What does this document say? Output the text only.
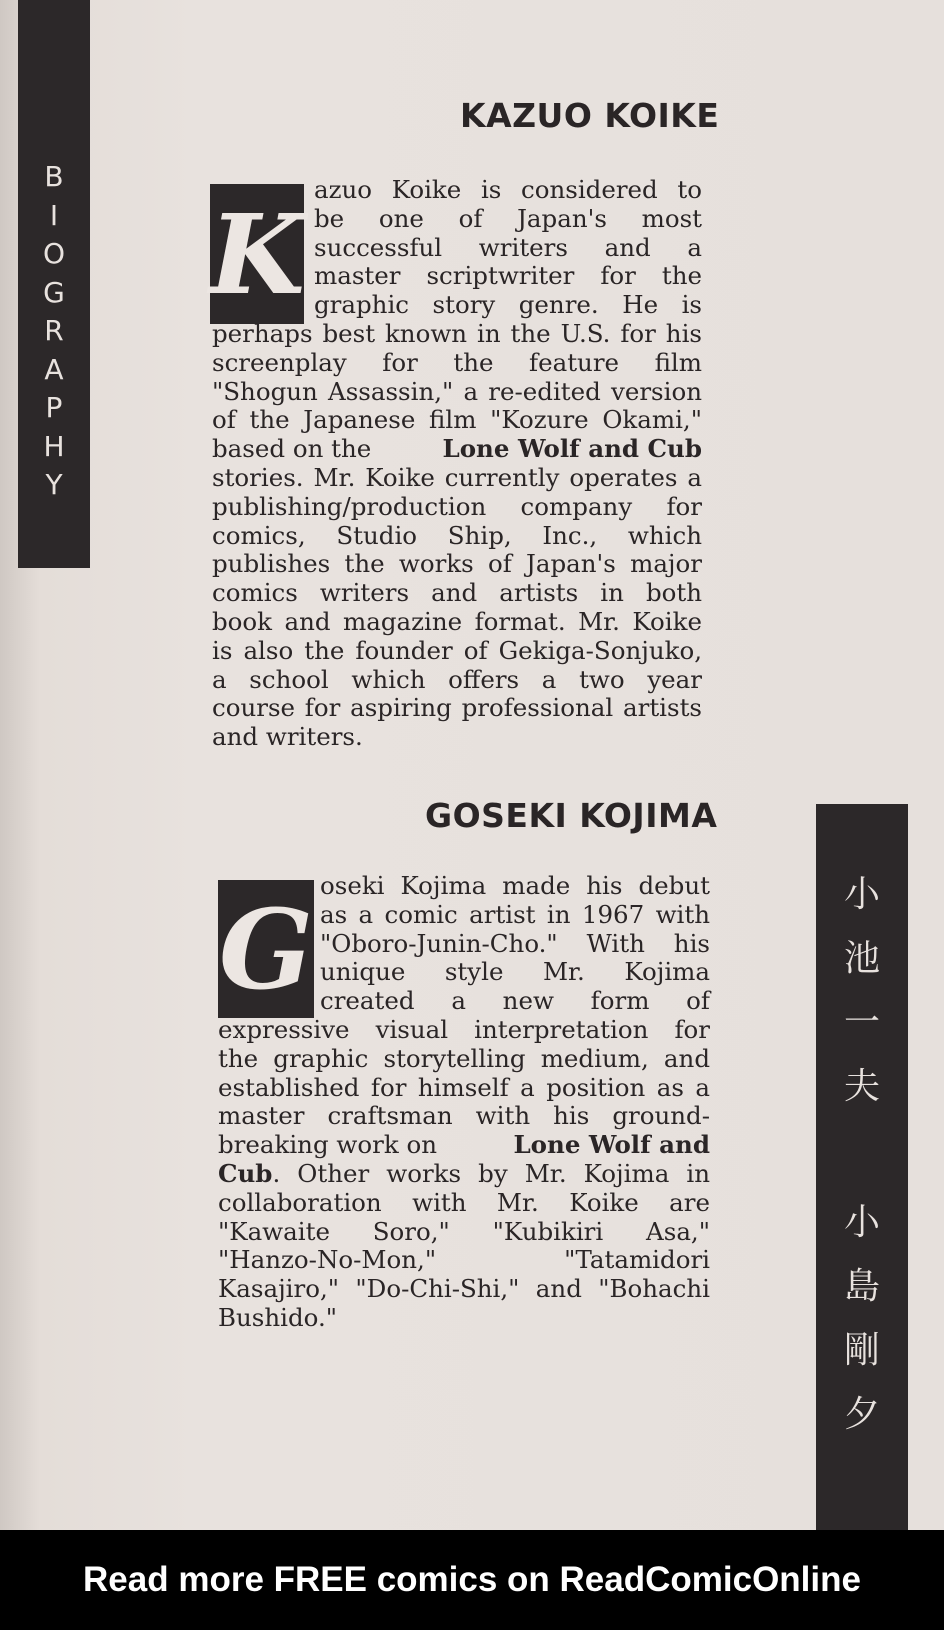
B
I
O
G
R
A
P
H
Y
小
池
一
夫
小
島
剛
夕
KAZUO KOIKE
K azuo Koike is considered to
be one of Japan's most
successful writers and a
master scriptwriter for the
graphic story genre. He is
perhaps best known in the U.S. for his
screenplay for the feature film
"Shogun Assassin," a re-edited version
of the Japanese film "Kozure Okami,"
based on the	Lone Wolf and Cub
stories. Mr. Koike currently operates a
publishing/production company for
comics, Studio Ship, Inc., which
publishes the works of Japan's major
comics writers and artists in both
book and magazine format. Mr. Koike
is also the founder of Gekiga-Sonjuko,
a school which offers a two year
course for aspiring professional artists
and writers.
GOSEKI KOJIMA
G oseki Kojima made his debut
as a comic artist in 1967 with
"Oboro-Junin-Cho." With his
unique style Mr. Kojima
created a new form of
expressive visual interpretation for
the graphic storytelling medium, and
established for himself a position as a
master craftsman with his ground-
breaking work on	Lone Wolf and
Cub . Other works by Mr. Kojima in
collaboration with Mr. Koike are
"Kawaite Soro," "Kubikiri Asa,"
"Hanzo-No-Mon," "Tatamidori
Kasajiro," "Do-Chi-Shi," and "Bohachi
Bushido."
Read more FREE comics on ReadComicOnline
